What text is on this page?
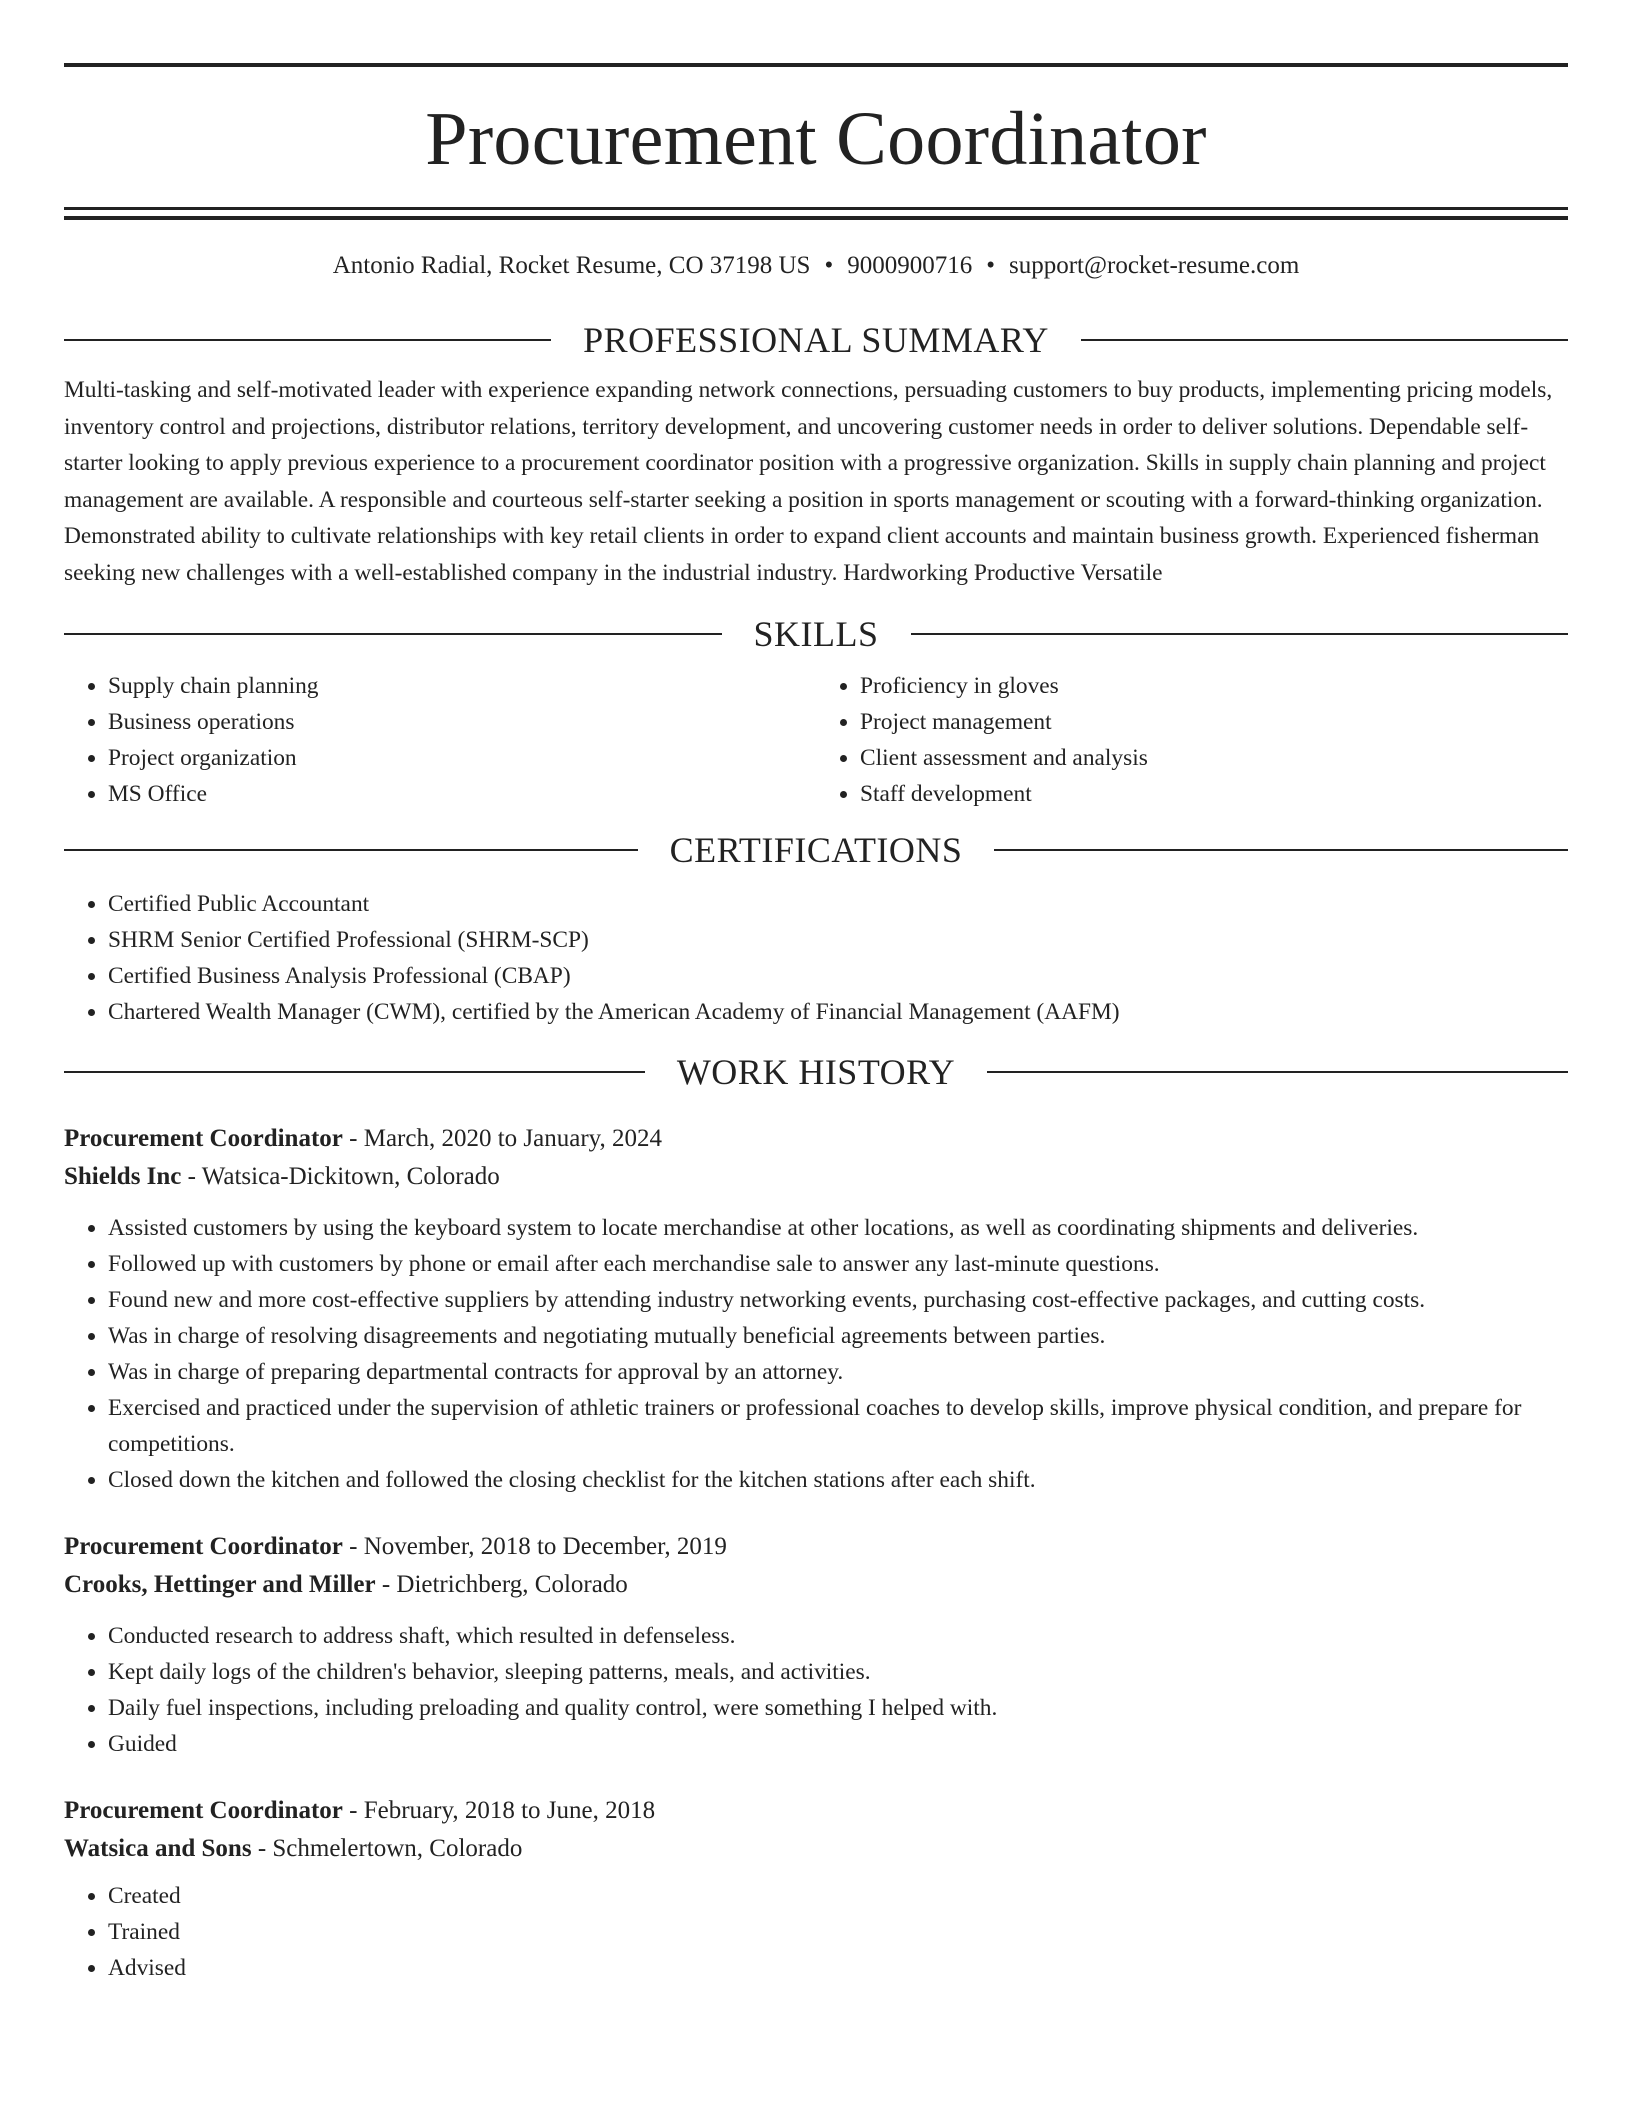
Procurement Coordinator
Antonio Radial, Rocket Resume, CO 37198 US • 9000900716 • support@rocket-resume.com
PROFESSIONAL SUMMARY
Multi-tasking and self-motivated leader with experience expanding network connections, persuading customers to buy products, implementing pricing models, inventory control and projections, distributor relations, territory development, and uncovering customer needs in order to deliver solutions. Dependable self-starter looking to apply previous experience to a procurement coordinator position with a progressive organization. Skills in supply chain planning and project management are available. A responsible and courteous self-starter seeking a position in sports management or scouting with a forward-thinking organization. Demonstrated ability to cultivate relationships with key retail clients in order to expand client accounts and maintain business growth. Experienced fisherman seeking new challenges with a well-established company in the industrial industry. Hardworking Productive Versatile
SKILLS
• Supply chain planning
• Business operations
• Project organization
• MS Office
• Proficiency in gloves
• Project management
• Client assessment and analysis
• Staff development
CERTIFICATIONS
• Certified Public Accountant
• SHRM Senior Certified Professional (SHRM-SCP)
• Certified Business Analysis Professional (CBAP)
• Chartered Wealth Manager (CWM), certified by the American Academy of Financial Management (AAFM)
WORK HISTORY
Procurement Coordinator - March, 2020 to January, 2024
Shields Inc - Watsica-Dickitown, Colorado
• Assisted customers by using the keyboard system to locate merchandise at other locations, as well as coordinating shipments and deliveries.
• Followed up with customers by phone or email after each merchandise sale to answer any last-minute questions.
• Found new and more cost-effective suppliers by attending industry networking events, purchasing cost-effective packages, and cutting costs.
• Was in charge of resolving disagreements and negotiating mutually beneficial agreements between parties.
• Was in charge of preparing departmental contracts for approval by an attorney.
• Exercised and practiced under the supervision of athletic trainers or professional coaches to develop skills, improve physical condition, and prepare for competitions.
• Closed down the kitchen and followed the closing checklist for the kitchen stations after each shift.
Procurement Coordinator - November, 2018 to December, 2019
Crooks, Hettinger and Miller - Dietrichberg, Colorado
• Conducted research to address shaft, which resulted in defenseless.
• Kept daily logs of the children's behavior, sleeping patterns, meals, and activities.
• Daily fuel inspections, including preloading and quality control, were something I helped with.
• Guided
Procurement Coordinator - February, 2018 to June, 2018
Watsica and Sons - Schmelertown, Colorado
• Created
• Trained
• Advised
